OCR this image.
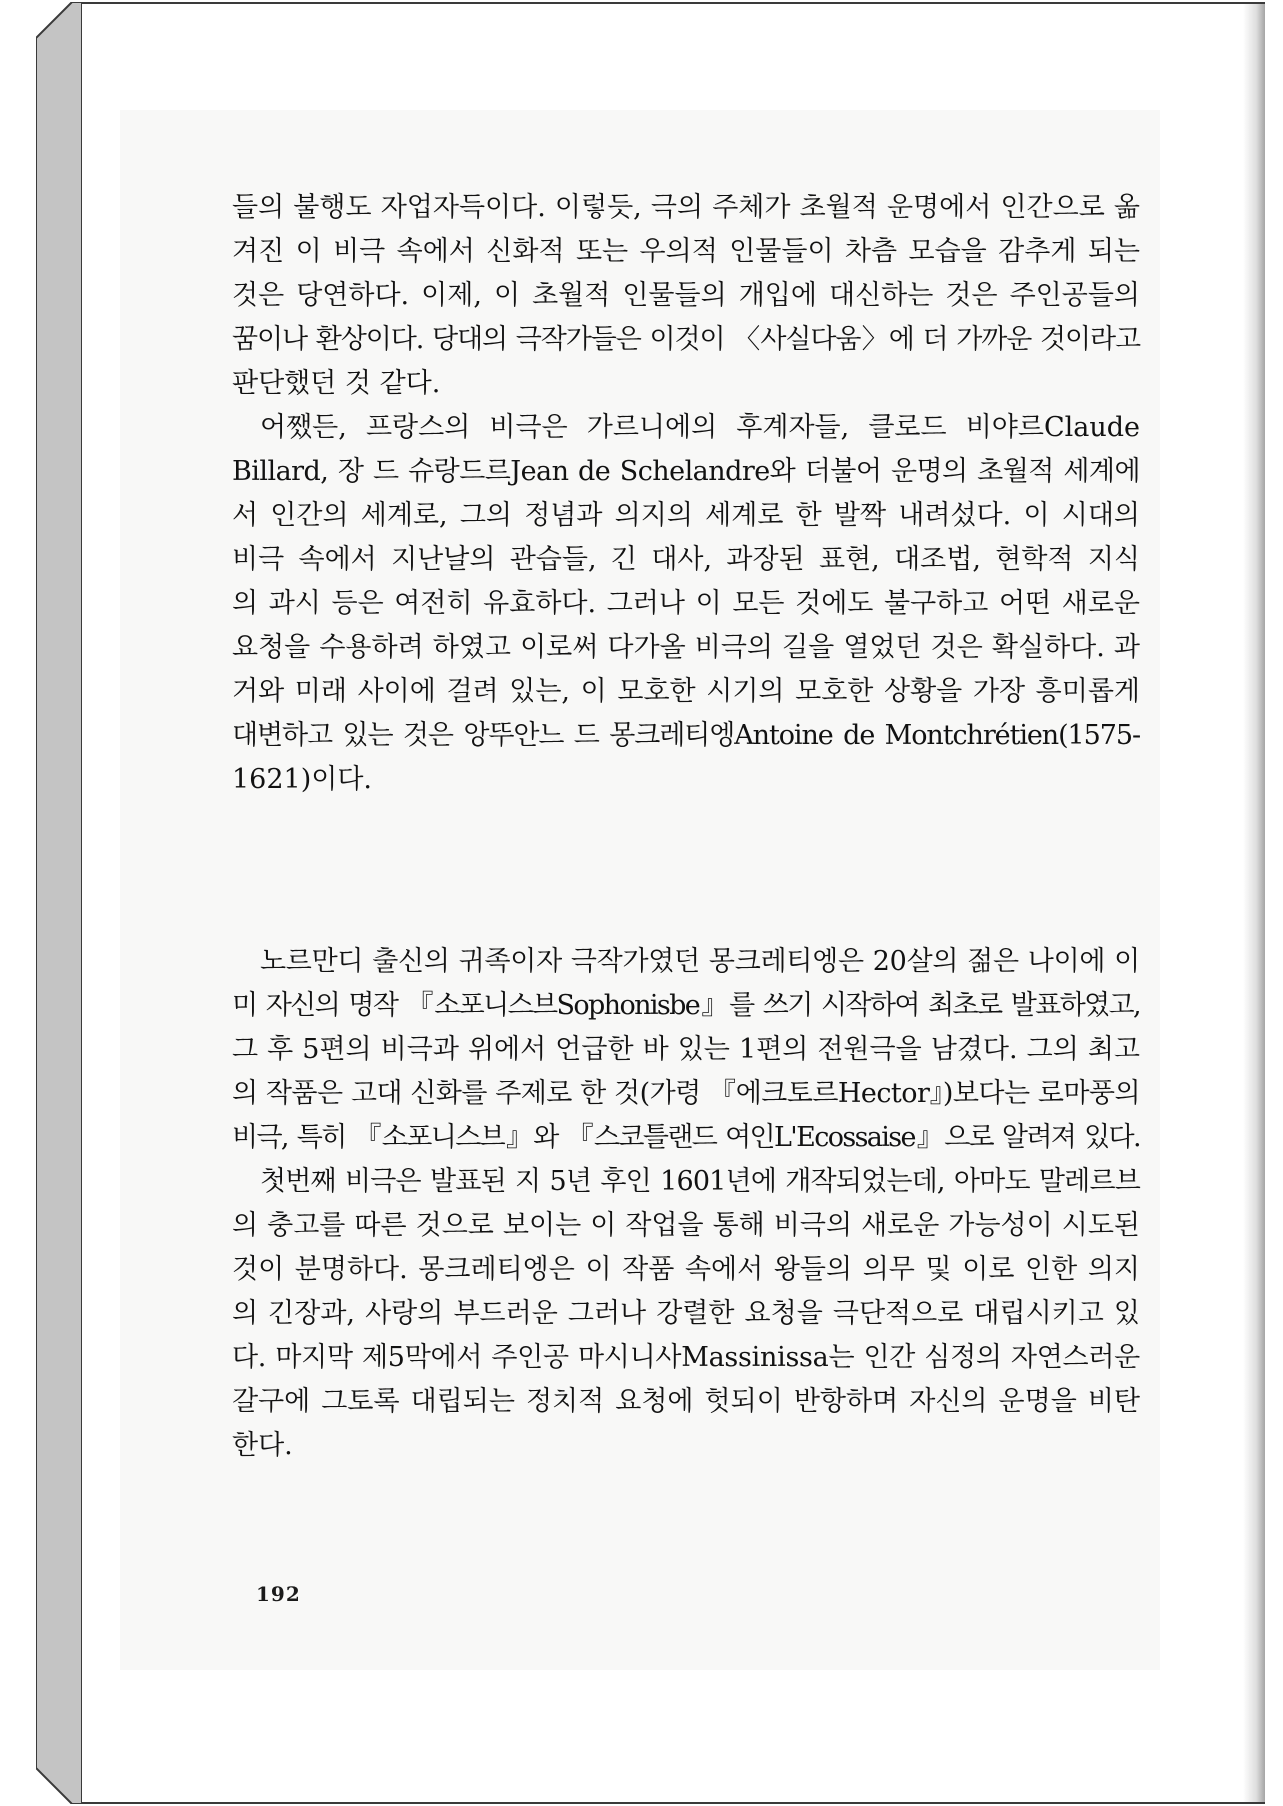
들의 불행도 자업자득이다. 이렇듯, 극의 주체가 초월적 운명에서 인간으로 옮
겨진 이 비극 속에서 신화적 또는 우의적 인물들이 차츰 모습을 감추게 되는
것은 당연하다. 이제, 이 초월적 인물들의 개입에 대신하는 것은 주인공들의
꿈이나 환상이다. 당대의 극작가들은 이것이 〈사실다움〉에 더 가까운 것이라고
판단했던 것 같다.
어쨌든, 프랑스의 비극은 가르니에의 후계자들, 클로드 비야르Claude
Billard, 장 드 슈랑드르Jean de Schelandre와 더불어 운명의 초월적 세계에
서 인간의 세계로, 그의 정념과 의지의 세계로 한 발짝 내려섰다. 이 시대의
비극 속에서 지난날의 관습들, 긴 대사, 과장된 표현, 대조법, 현학적 지식
의 과시 등은 여전히 유효하다. 그러나 이 모든 것에도 불구하고 어떤 새로운
요청을 수용하려 하였고 이로써 다가올 비극의 길을 열었던 것은 확실하다. 과
거와 미래 사이에 걸려 있는, 이 모호한 시기의 모호한 상황을 가장 흥미롭게
대변하고 있는 것은 앙뚜안느 드 몽크레티엥Antoine de Montchrétien(1575-
1621)이다.
노르만디 출신의 귀족이자 극작가였던 몽크레티엥은 20살의 젊은 나이에 이
미 자신의 명작 『소포니스브Sophonisbe』를 쓰기 시작하여 최초로 발표하였고,
그 후 5편의 비극과 위에서 언급한 바 있는 1편의 전원극을 남겼다. 그의 최고
의 작품은 고대 신화를 주제로 한 것(가령 『에크토르Hector』)보다는 로마풍의
비극, 특히 『소포니스브』와 『스코틀랜드 여인L'Ecossaise』으로 알려져 있다.
첫번째 비극은 발표된 지 5년 후인 1601년에 개작되었는데, 아마도 말레르브
의 충고를 따른 것으로 보이는 이 작업을 통해 비극의 새로운 가능성이 시도된
것이 분명하다. 몽크레티엥은 이 작품 속에서 왕들의 의무 및 이로 인한 의지
의 긴장과, 사랑의 부드러운 그러나 강렬한 요청을 극단적으로 대립시키고 있
다. 마지막 제5막에서 주인공 마시니사Massinissa는 인간 심정의 자연스러운
갈구에 그토록 대립되는 정치적 요청에 헛되이 반항하며 자신의 운명을 비탄
한다.
192
